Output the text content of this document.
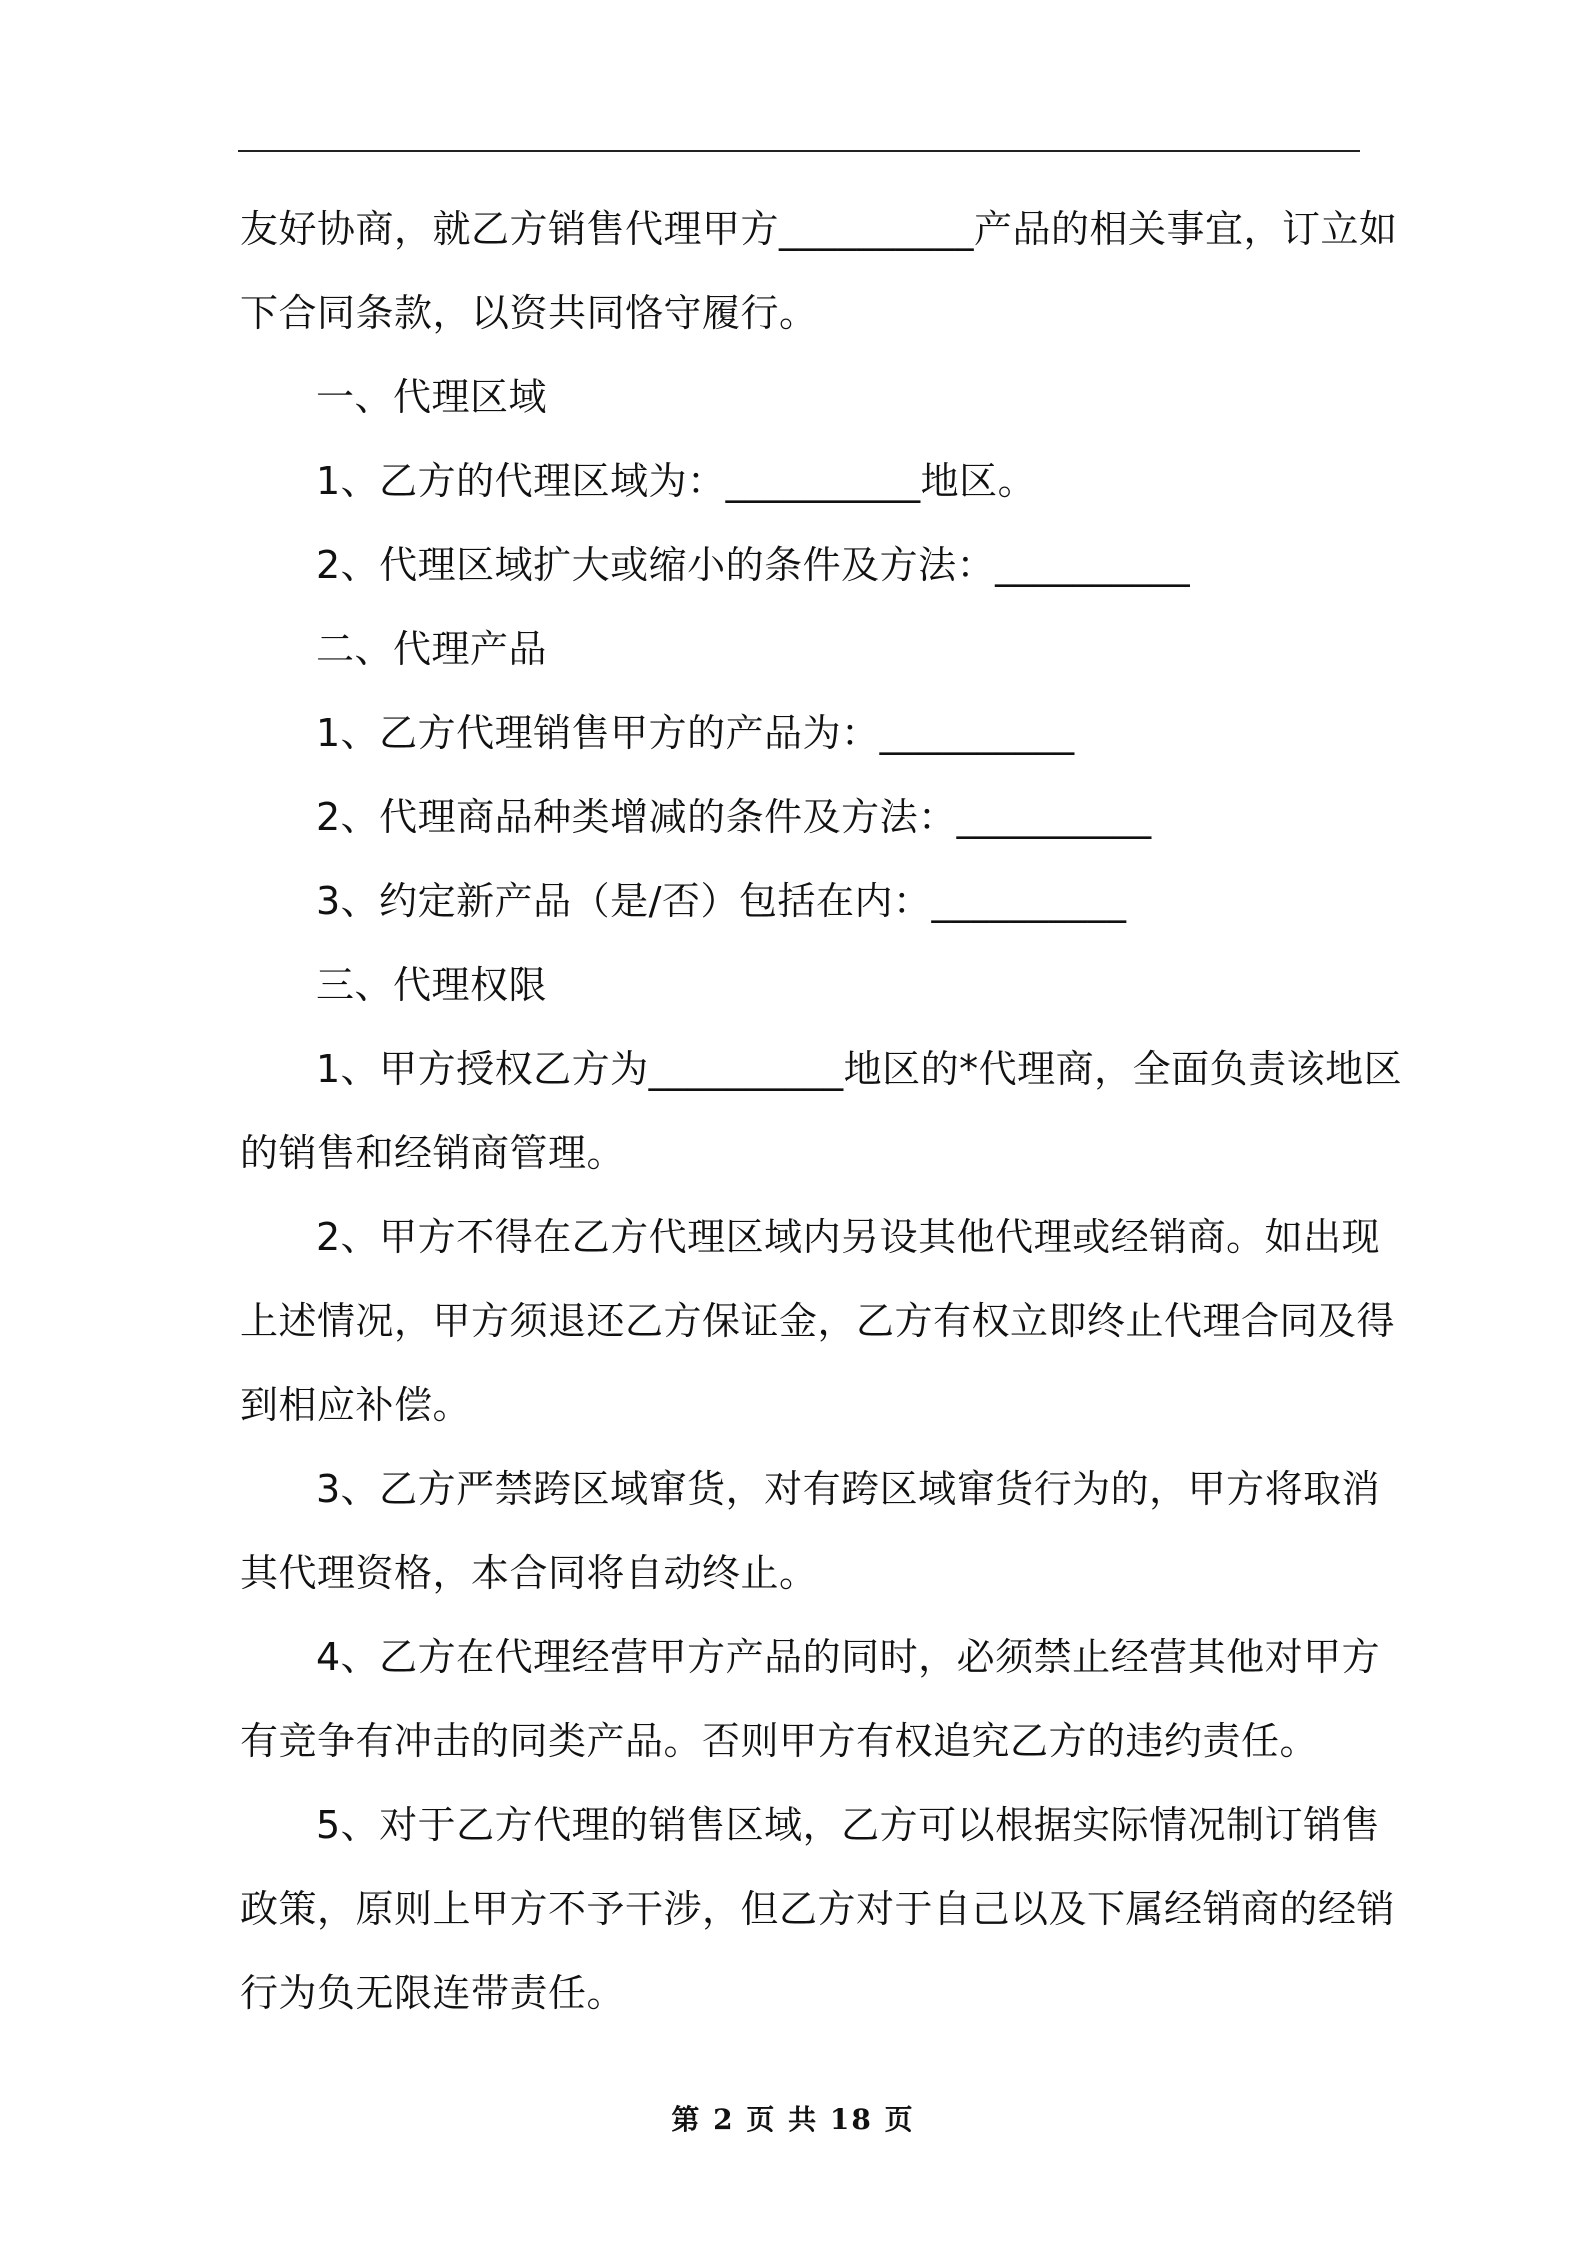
友好协商，就乙方销售代理甲方__________产品的相关事宜，订立如
下合同条款，以资共同恪守履行。
一、代理区域
1、乙方的代理区域为：__________地区。
2、代理区域扩大或缩小的条件及方法：__________
二、代理产品
1、乙方代理销售甲方的产品为：__________
2、代理商品种类增减的条件及方法：__________
3、约定新产品（是/否）包括在内：__________
三、代理权限
1、甲方授权乙方为__________地区的*代理商，全面负责该地区
的销售和经销商管理。
2、甲方不得在乙方代理区域内另设其他代理或经销商。如出现
上述情况，甲方须退还乙方保证金，乙方有权立即终止代理合同及得
到相应补偿。
3、乙方严禁跨区域窜货，对有跨区域窜货行为的，甲方将取消
其代理资格，本合同将自动终止。
4、乙方在代理经营甲方产品的同时，必须禁止经营其他对甲方
有竞争有冲击的同类产品。否则甲方有权追究乙方的违约责任。
5、对于乙方代理的销售区域，乙方可以根据实际情况制订销售
政策，原则上甲方不予干涉，但乙方对于自己以及下属经销商的经销
行为负无限连带责任。
第 2 页 共 18 页
